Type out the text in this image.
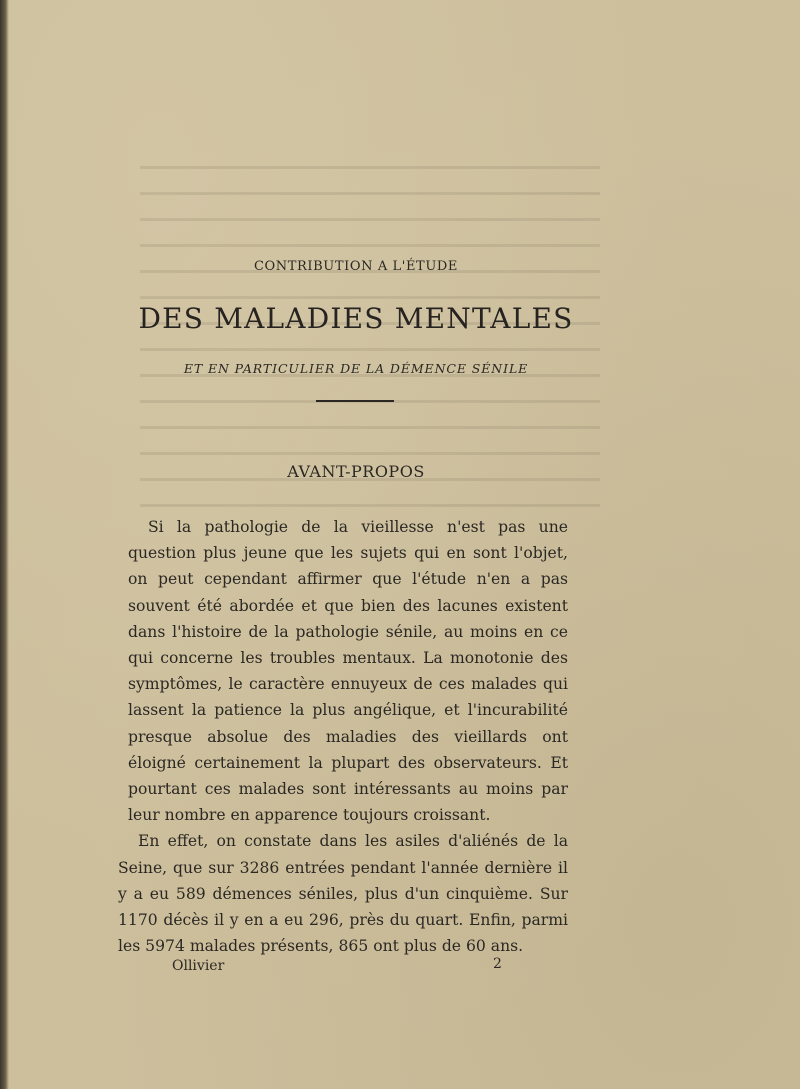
CONTRIBUTION A L'ÉTUDE
DES MALADIES MENTALES
ET EN PARTICULIER DE LA DÉMENCE SÉNILE
AVANT-PROPOS

Si la pathologie de la vieillesse n'est pas une question plus jeune que les sujets qui en sont l'objet, on peut cependant affirmer que l'étude n'en a pas souvent été abordée et que bien des lacunes existent dans l'histoire de la pathologie sénile, au moins en ce qui concerne les troubles mentaux. La monotonie des symptômes, le caractère ennuyeux de ces malades qui lassent la patience la plus angélique, et l'incurabilité presque absolue des maladies des vieillards ont éloigné certainement la plupart des observateurs. Et pourtant ces malades sont intéressants au moins par leur nombre en apparence toujours croissant.

En effet, on constate dans les asiles d'aliénés de la Seine, que sur 3286 entrées pendant l'année dernière il y a eu 589 démences séniles, plus d'un cinquième. Sur 1170 décès il y en a eu 296, près du quart. Enfin, parmi les 5974 malades présents, 865 ont plus de 60 ans.

Ollivier	2
